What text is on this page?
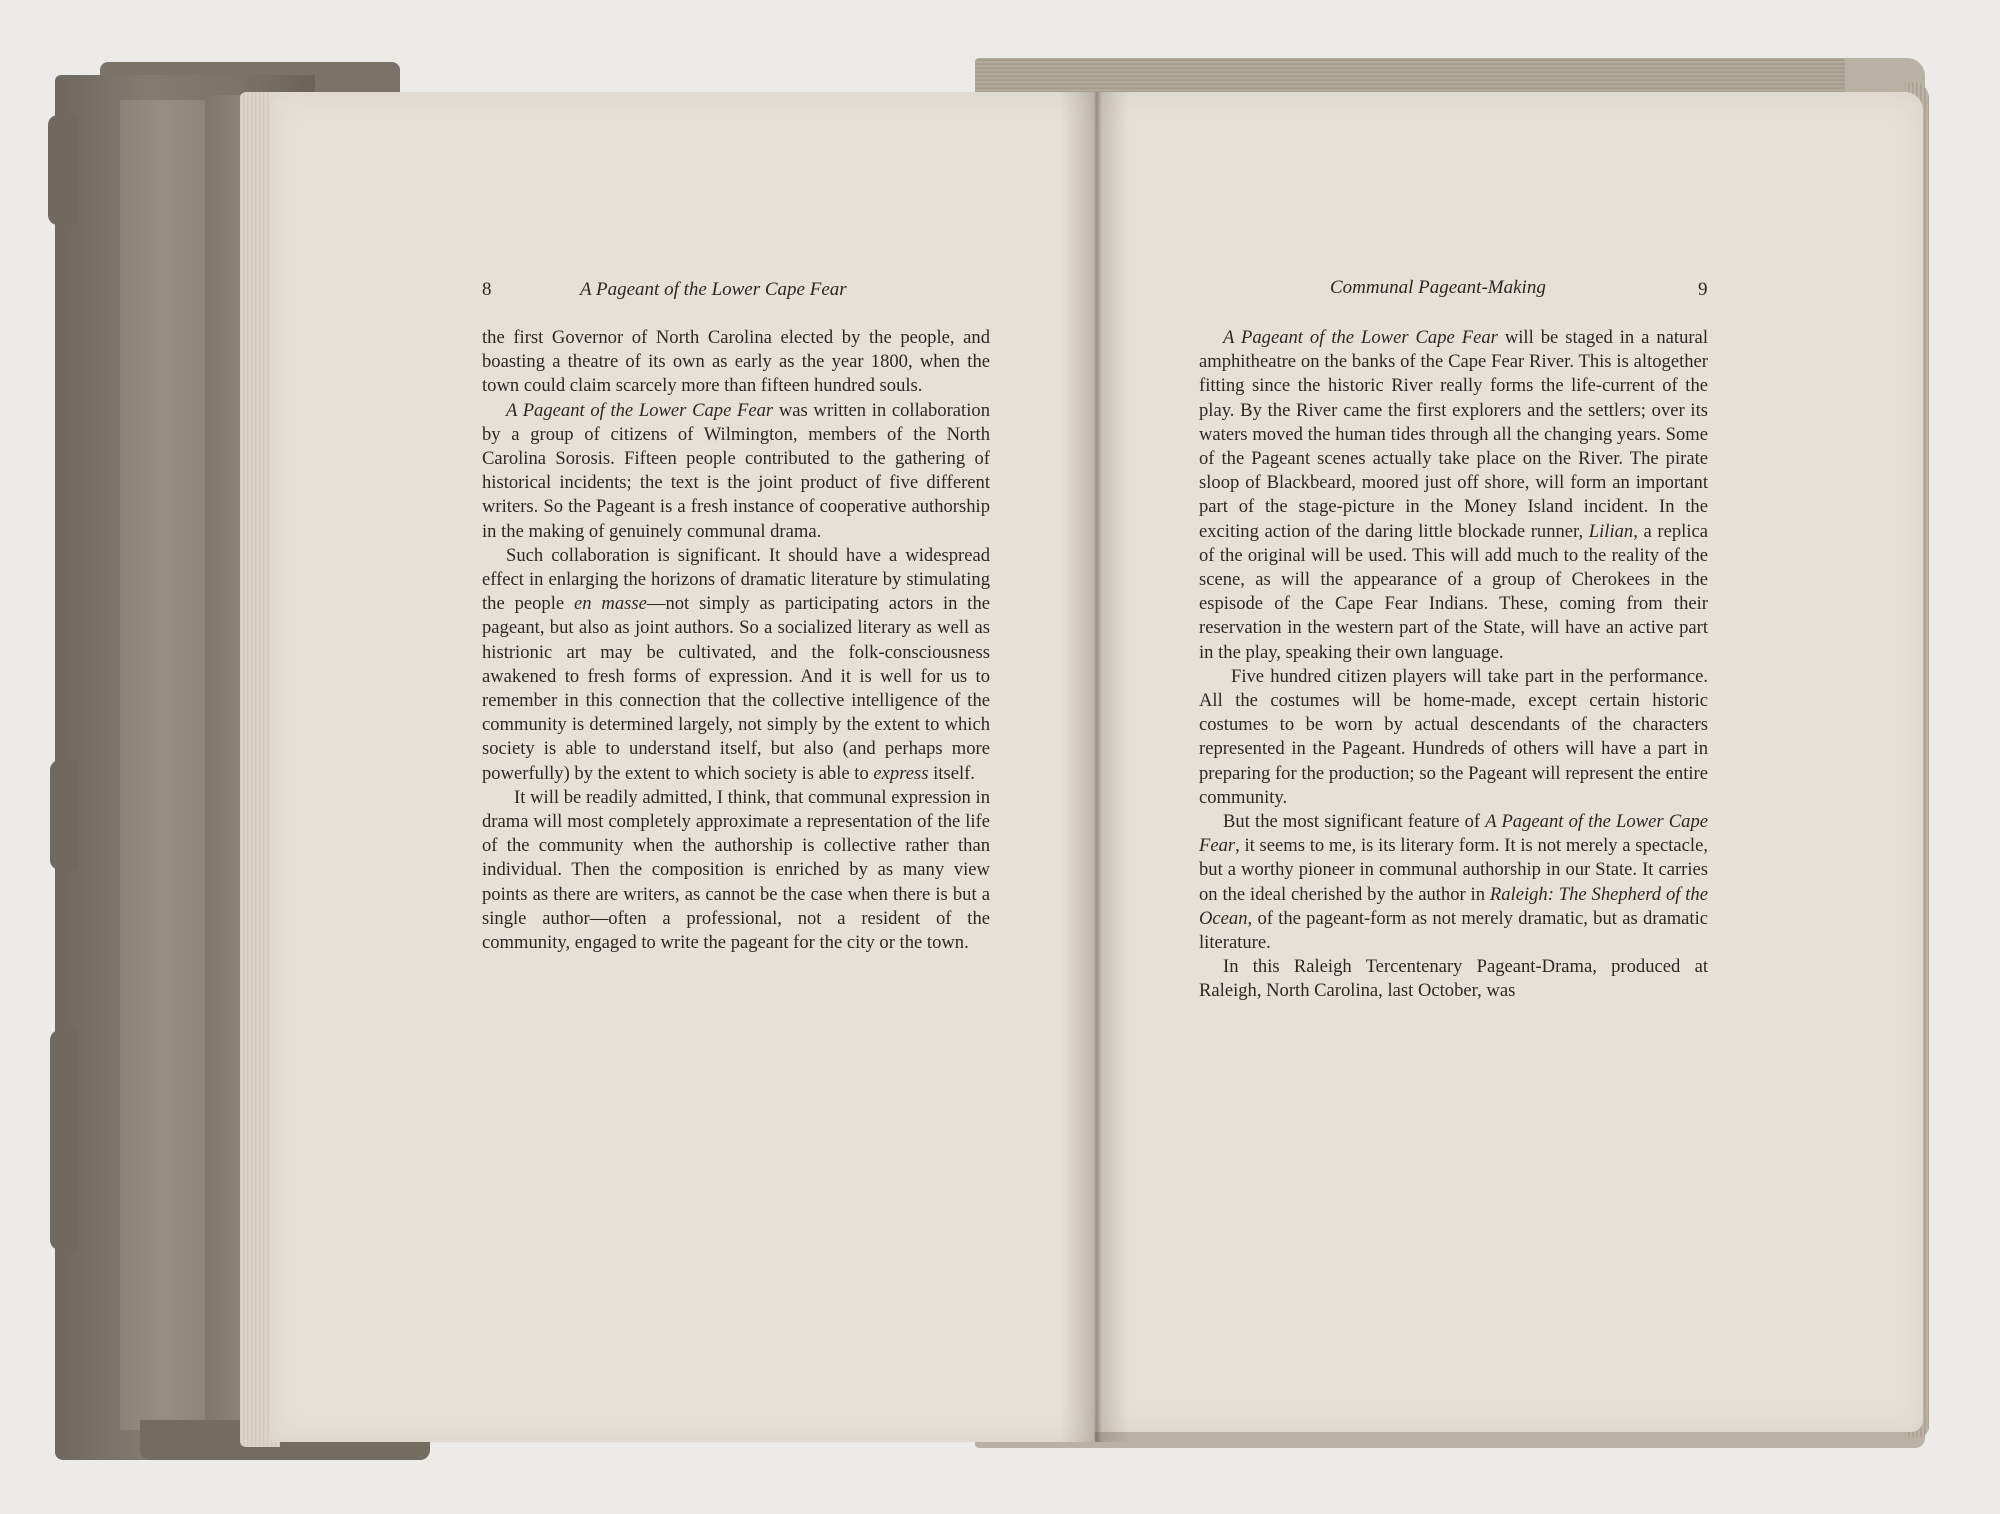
8	A Pageant of the Lower Cape Fear	Communal Pageant-Making	9

the first Governor of North Carolina elected by the people, and boasting a theatre of its own as early as the year 1800, when the town could claim scarcely more than fifteen hundred souls.

A Pageant of the Lower Cape Fear was written in collaboration by a group of citizens of Wilmington, members of the North Carolina Sorosis. Fifteen people contributed to the gathering of historical incidents; the text is the joint product of five different writers. So the Pageant is a fresh instance of cooperative authorship in the making of genuinely communal drama.

Such collaboration is significant. It should have a widespread effect in enlarging the horizons of dramatic literature by stimulating the people en masse—not simply as participating actors in the pageant, but also as joint authors. So a socialized literary as well as histrionic art may be cultivated, and the folk-consciousness awakened to fresh forms of expression. And it is well for us to remember in this connection that the collective intelligence of the community is determined largely, not simply by the extent to which society is able to understand itself, but also (and perhaps more powerfully) by the extent to which society is able to express itself.

It will be readily admitted, I think, that communal expression in drama will most completely approximate a representation of the life of the community when the authorship is collective rather than individual. Then the composition is enriched by as many view points as there are writers, as cannot be the case when there is but a single author—often a professional, not a resident of the community, engaged to write the pageant for the city or the town.

A Pageant of the Lower Cape Fear will be staged in a natural amphitheatre on the banks of the Cape Fear River. This is altogether fitting since the historic River really forms the life-current of the play. By the River came the first explorers and the settlers; over its waters moved the human tides through all the changing years. Some of the Pageant scenes actually take place on the River. The pirate sloop of Blackbeard, moored just off shore, will form an important part of the stage-picture in the Money Island incident. In the exciting action of the daring little blockade runner, Lilian, a replica of the original will be used. This will add much to the reality of the scene, as will the appearance of a group of Cherokees in the espisode of the Cape Fear Indians. These, coming from their reservation in the western part of the State, will have an active part in the play, speaking their own language.

Five hundred citizen players will take part in the performance. All the costumes will be home-made, except certain historic costumes to be worn by actual descendants of the characters represented in the Pageant. Hundreds of others will have a part in preparing for the production; so the Pageant will represent the entire community.

But the most significant feature of A Pageant of the Lower Cape Fear, it seems to me, is its literary form. It is not merely a spectacle, but a worthy pioneer in communal authorship in our State. It carries on the ideal cherished by the author in Raleigh: The Shepherd of the Ocean, of the pageant-form as not merely dramatic, but as dramatic literature.

In this Raleigh Tercentenary Pageant-Drama, produced at Raleigh, North Carolina, last October, was
